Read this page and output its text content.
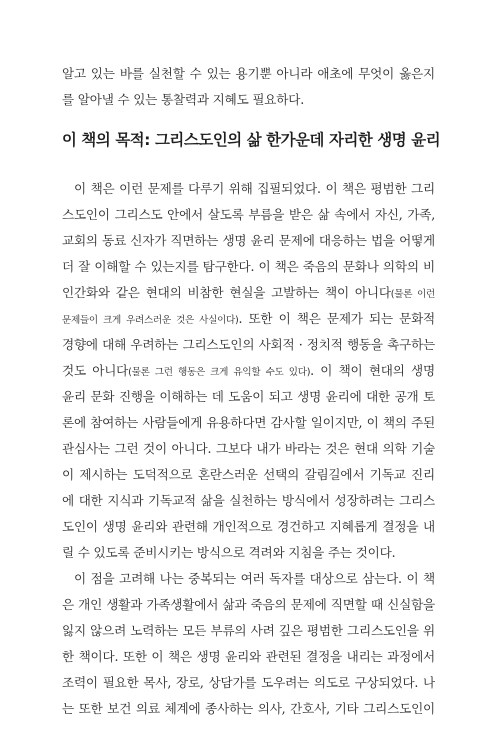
알고 있는 바를 실천할 수 있는 용기뿐 아니라 애초에 무엇이 옳은지
를 알아낼 수 있는 통찰력과 지혜도 필요하다.
이 책의 목적: 그리스도인의 삶 한가운데 자리한 생명 윤리
이 책은 이런 문제를 다루기 위해 집필되었다. 이 책은 평범한 그리
스도인이 그리스도 안에서 살도록 부름을 받은 삶 속에서 자신, 가족,
교회의 동료 신자가 직면하는 생명 윤리 문제에 대응하는 법을 어떻게
더 잘 이해할 수 있는지를 탐구한다. 이 책은 죽음의 문화나 의학의 비
인간화와 같은 현대의 비참한 현실을 고발하는 책이 아니다(물론 이런
문제들이 크게 우려스러운 것은 사실이다). 또한 이 책은 문제가 되는 문화적
경향에 대해 우려하는 그리스도인의 사회적 · 정치적 행동을 촉구하는
것도 아니다(물론 그런 행동은 크게 유익할 수도 있다). 이 책이 현대의 생명
윤리 문화 진행을 이해하는 데 도움이 되고 생명 윤리에 대한 공개 토
론에 참여하는 사람들에게 유용하다면 감사할 일이지만, 이 책의 주된
관심사는 그런 것이 아니다. 그보다 내가 바라는 것은 현대 의학 기술
이 제시하는 도덕적으로 혼란스러운 선택의 갈림길에서 기독교 진리
에 대한 지식과 기독교적 삶을 실천하는 방식에서 성장하려는 그리스
도인이 생명 윤리와 관련해 개인적으로 경건하고 지혜롭게 결정을 내
릴 수 있도록 준비시키는 방식으로 격려와 지침을 주는 것이다.
이 점을 고려해 나는 중복되는 여러 독자를 대상으로 삼는다. 이 책
은 개인 생활과 가족생활에서 삶과 죽음의 문제에 직면할 때 신실함을
잃지 않으려 노력하는 모든 부류의 사려 깊은 평범한 그리스도인을 위
한 책이다. 또한 이 책은 생명 윤리와 관련된 결정을 내리는 과정에서
조력이 필요한 목사, 장로, 상담가를 도우려는 의도로 구상되었다. 나
는 또한 보건 의료 체계에 종사하는 의사, 간호사, 기타 그리스도인이
